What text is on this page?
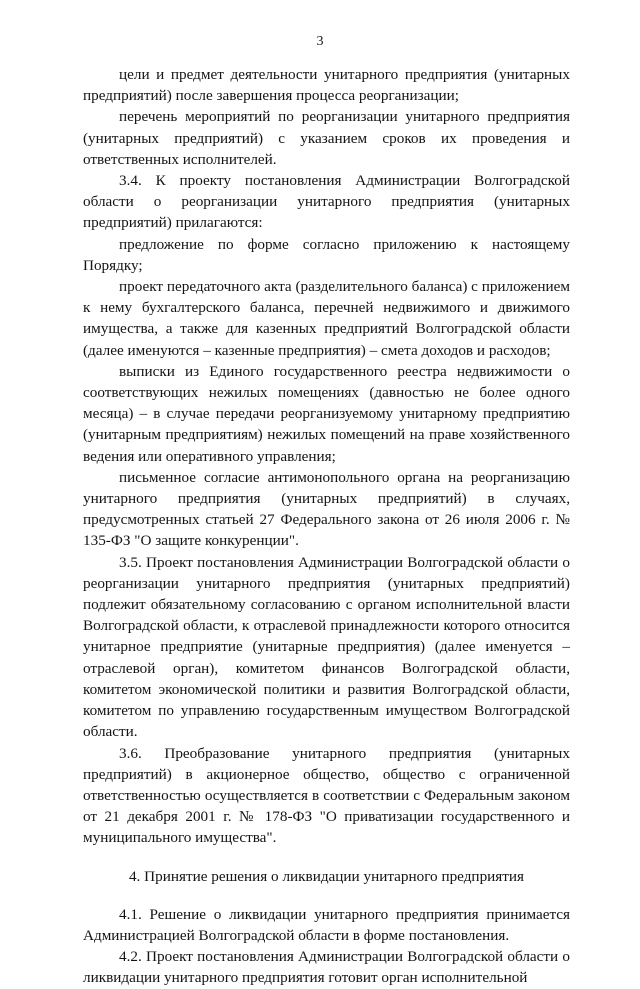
3

цели и предмет деятельности унитарного предприятия (унитарных предприятий) после завершения процесса реорганизации;

перечень мероприятий по реорганизации унитарного предприятия (унитарных предприятий) с указанием сроков их проведения и ответственных исполнителей.

3.4. К проекту постановления Администрации Волгоградской области о реорганизации унитарного предприятия (унитарных предприятий) прилагаются:

предложение по форме согласно приложению к настоящему Порядку;

проект передаточного акта (разделительного баланса) с приложением к нему бухгалтерского баланса, перечней недвижимого и движимого имущества, а также для казенных предприятий Волгоградской области (далее именуются – казенные предприятия) – смета доходов и расходов;

выписки из Единого государственного реестра недвижимости о соответствующих нежилых помещениях (давностью не более одного месяца) – в случае передачи реорганизуемому унитарному предприятию (унитарным предприятиям) нежилых помещений на праве хозяйственного ведения или оперативного управления;

письменное согласие антимонопольного органа на реорганизацию унитарного предприятия (унитарных предприятий) в случаях, предусмотренных статьей 27 Федерального закона от 26 июля 2006 г. № 135-ФЗ "О защите конкуренции".

3.5. Проект постановления Администрации Волгоградской области о реорганизации унитарного предприятия (унитарных предприятий) подлежит обязательному согласованию с органом исполнительной власти Волгоградской области, к отраслевой принадлежности которого относится унитарное предприятие (унитарные предприятия) (далее именуется – отраслевой орган), комитетом финансов Волгоградской области, комитетом экономической политики и развития Волгоградской области, комитетом по управлению государственным имуществом Волгоградской области.

3.6. Преобразование унитарного предприятия (унитарных предприятий) в акционерное общество, общество с ограниченной ответственностью осуществляется в соответствии с Федеральным законом от 21 декабря 2001 г. № 178-ФЗ "О приватизации государственного и муниципального имущества".

4. Принятие решения о ликвидации унитарного предприятия

4.1. Решение о ликвидации унитарного предприятия принимается Администрацией Волгоградской области в форме постановления.

4.2. Проект постановления Администрации Волгоградской области о ликвидации унитарного предприятия готовит орган исполнительной
